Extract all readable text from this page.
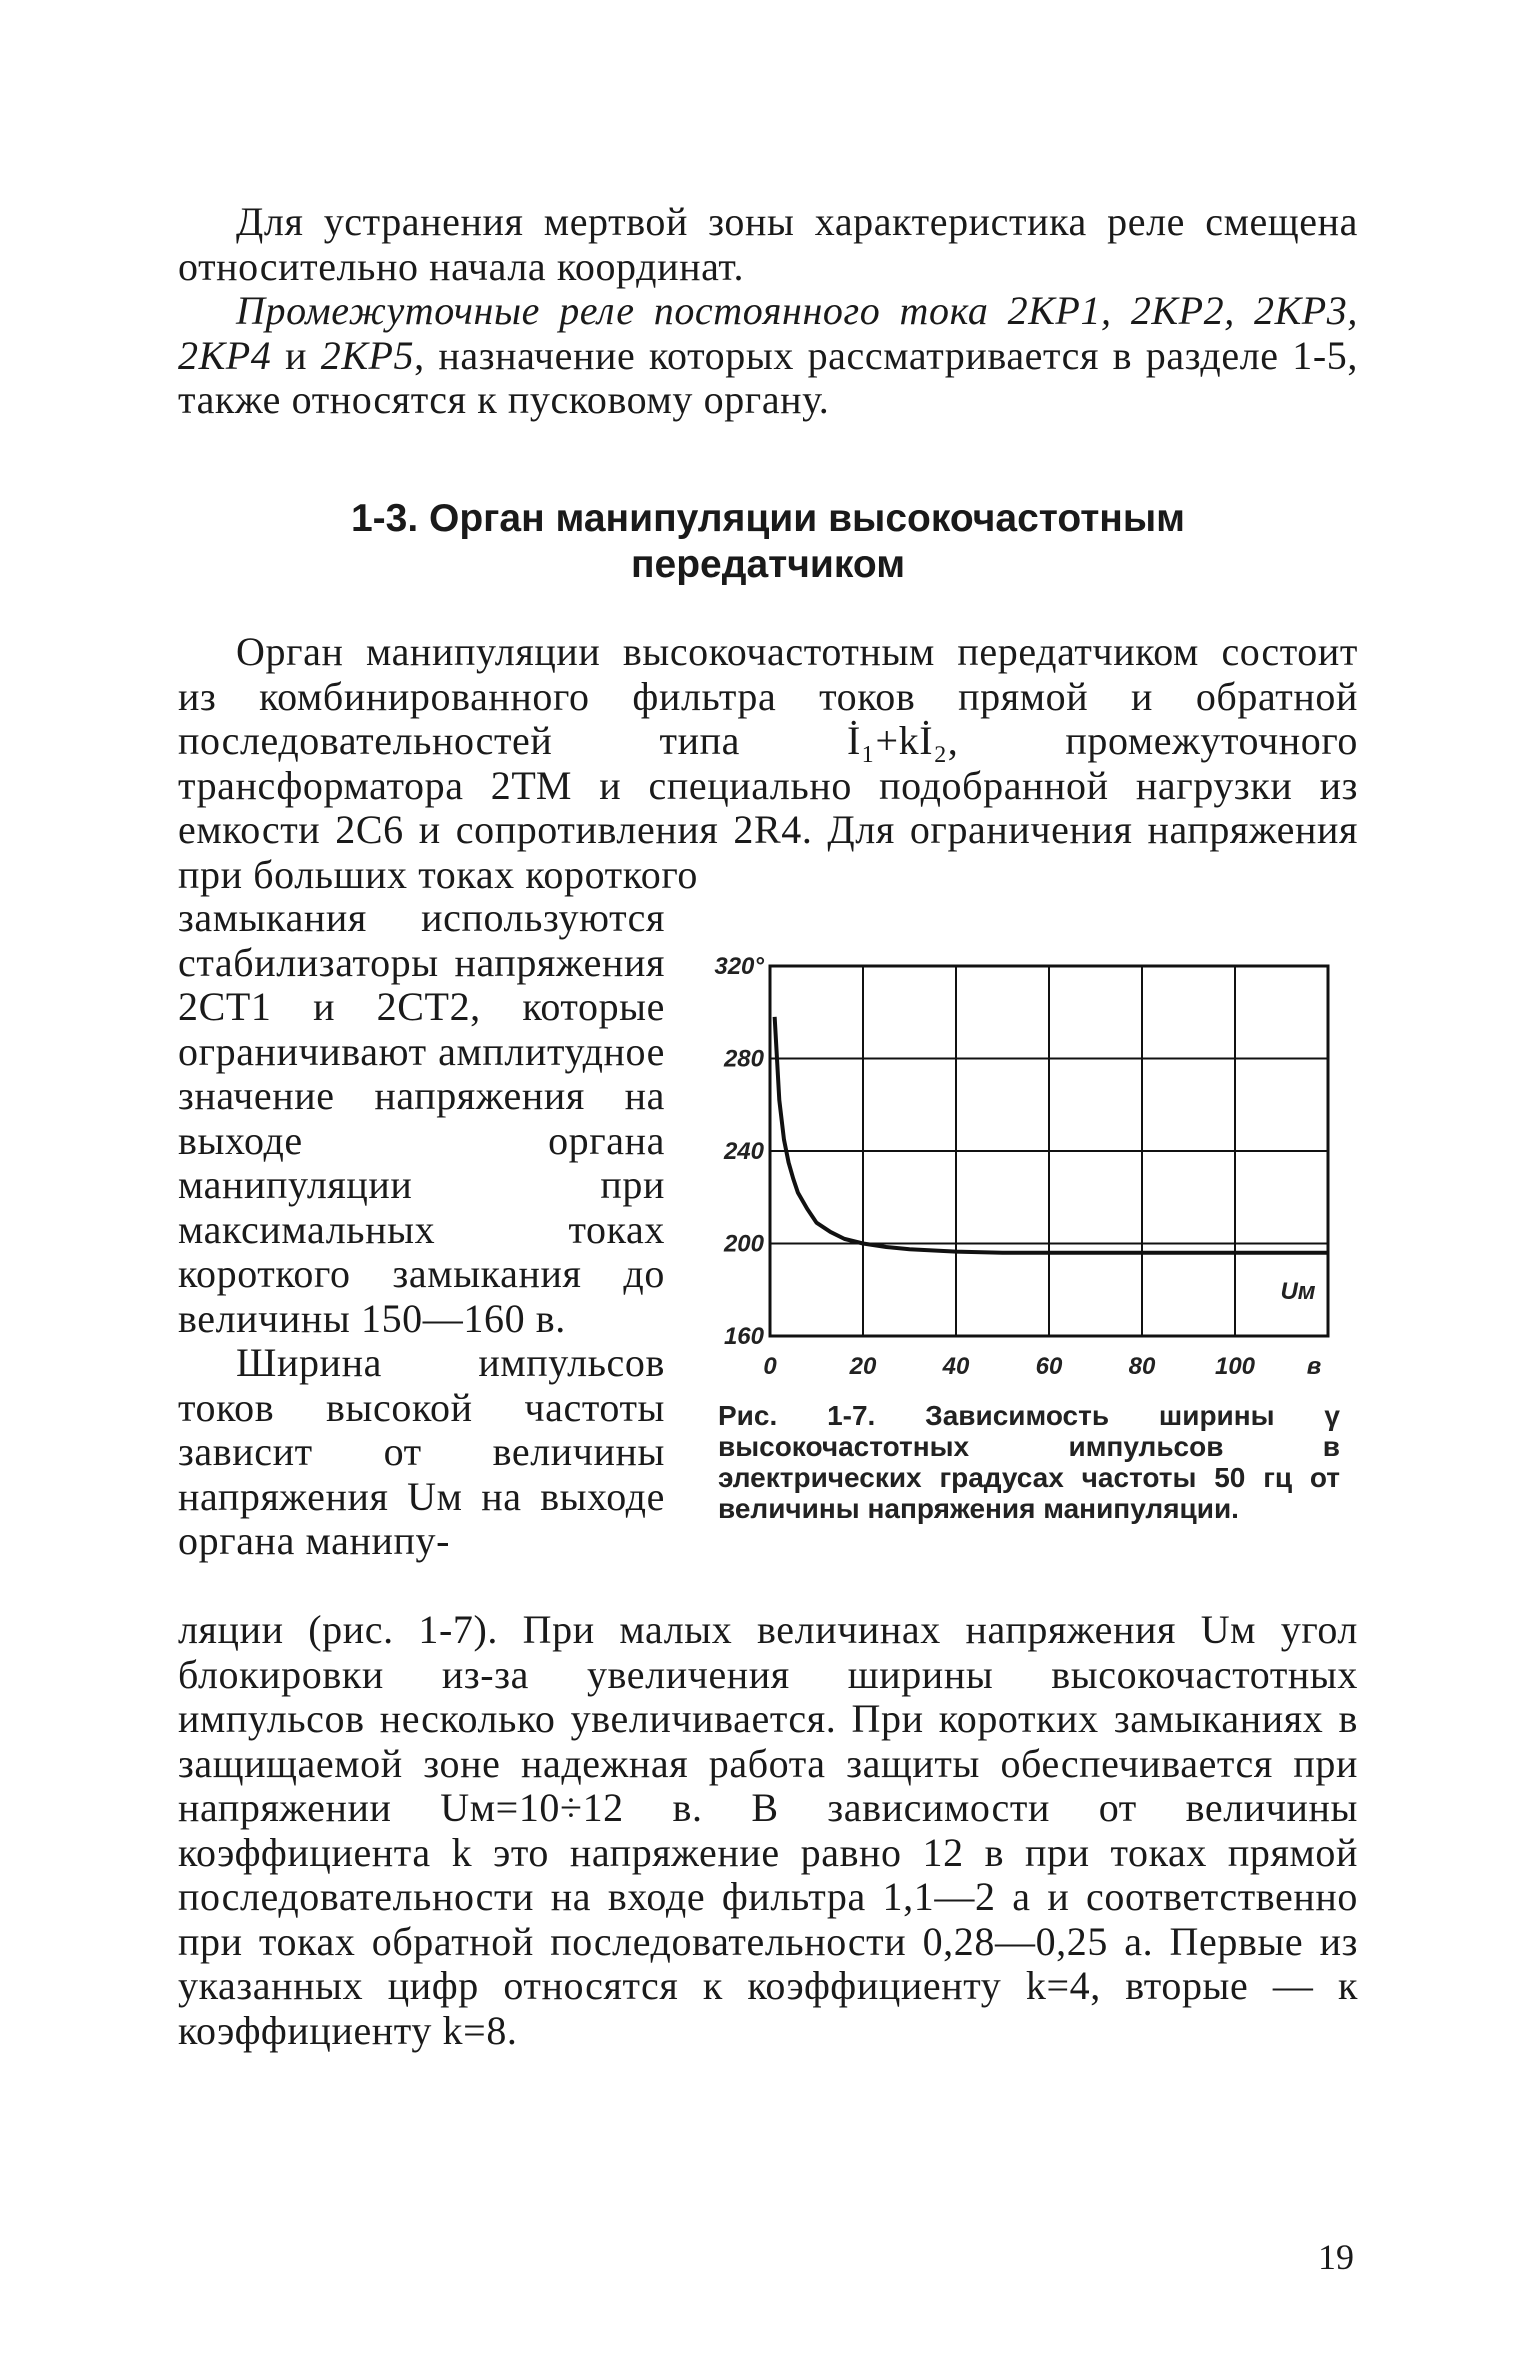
Для устранения мертвой зоны характеристика реле смещена относительно начала координат.

Промежуточные реле постоянного тока 2КР1, 2КР2, 2КР3, 2КР4 и 2КР5, назначение которых рассматривается в разделе 1-5, также относятся к пусковому органу.

1-3. Орган манипуляции высокочастотным
передатчиком

Орган манипуляции высокочастотным передатчиком состоит из комбинированного фильтра токов прямой и обратной последовательностей типа İ₁+kİ₂, промежуточного трансформатора 2ТМ и специально подобранной нагрузки из емкости 2С6 и сопротивления 2R4. Для ограничения напряжения при больших токах короткого

замыкания используются стабилизаторы напряжения 2СТ1 и 2СТ2, которые ограничивают амплитудное значение напряжения на выходе органа манипуляции при максимальных токах короткого замыкания до величины 150—160 в.

Ширина импульсов токов высокой частоты зависит от величины напряжения Uм на выходе органа манипу-

160
200
240
280
320°
0	20	40	60	80 100 в
Uм
Рис. 1-7. Зависимость ширины γ высокочастотных импульсов в электрических градусах частоты 50 гц от величины напряжения манипуляции.

ляции (рис. 1-7). При малых величинах напряжения Uм угол блокировки из-за увеличения ширины высокочастотных импульсов несколько увеличивается. При коротких замыканиях в защищаемой зоне надежная работа защиты обеспечивается при напряжении Uм=10÷12 в. В зависимости от величины коэффициента k это напряжение равно 12 в при токах прямой последовательности на входе фильтра 1,1—2 а и соответственно при токах обратной последовательности 0,28—0,25 а. Первые из указанных цифр относятся к коэффициенту k=4, вторые — к коэффициенту k=8.

19
